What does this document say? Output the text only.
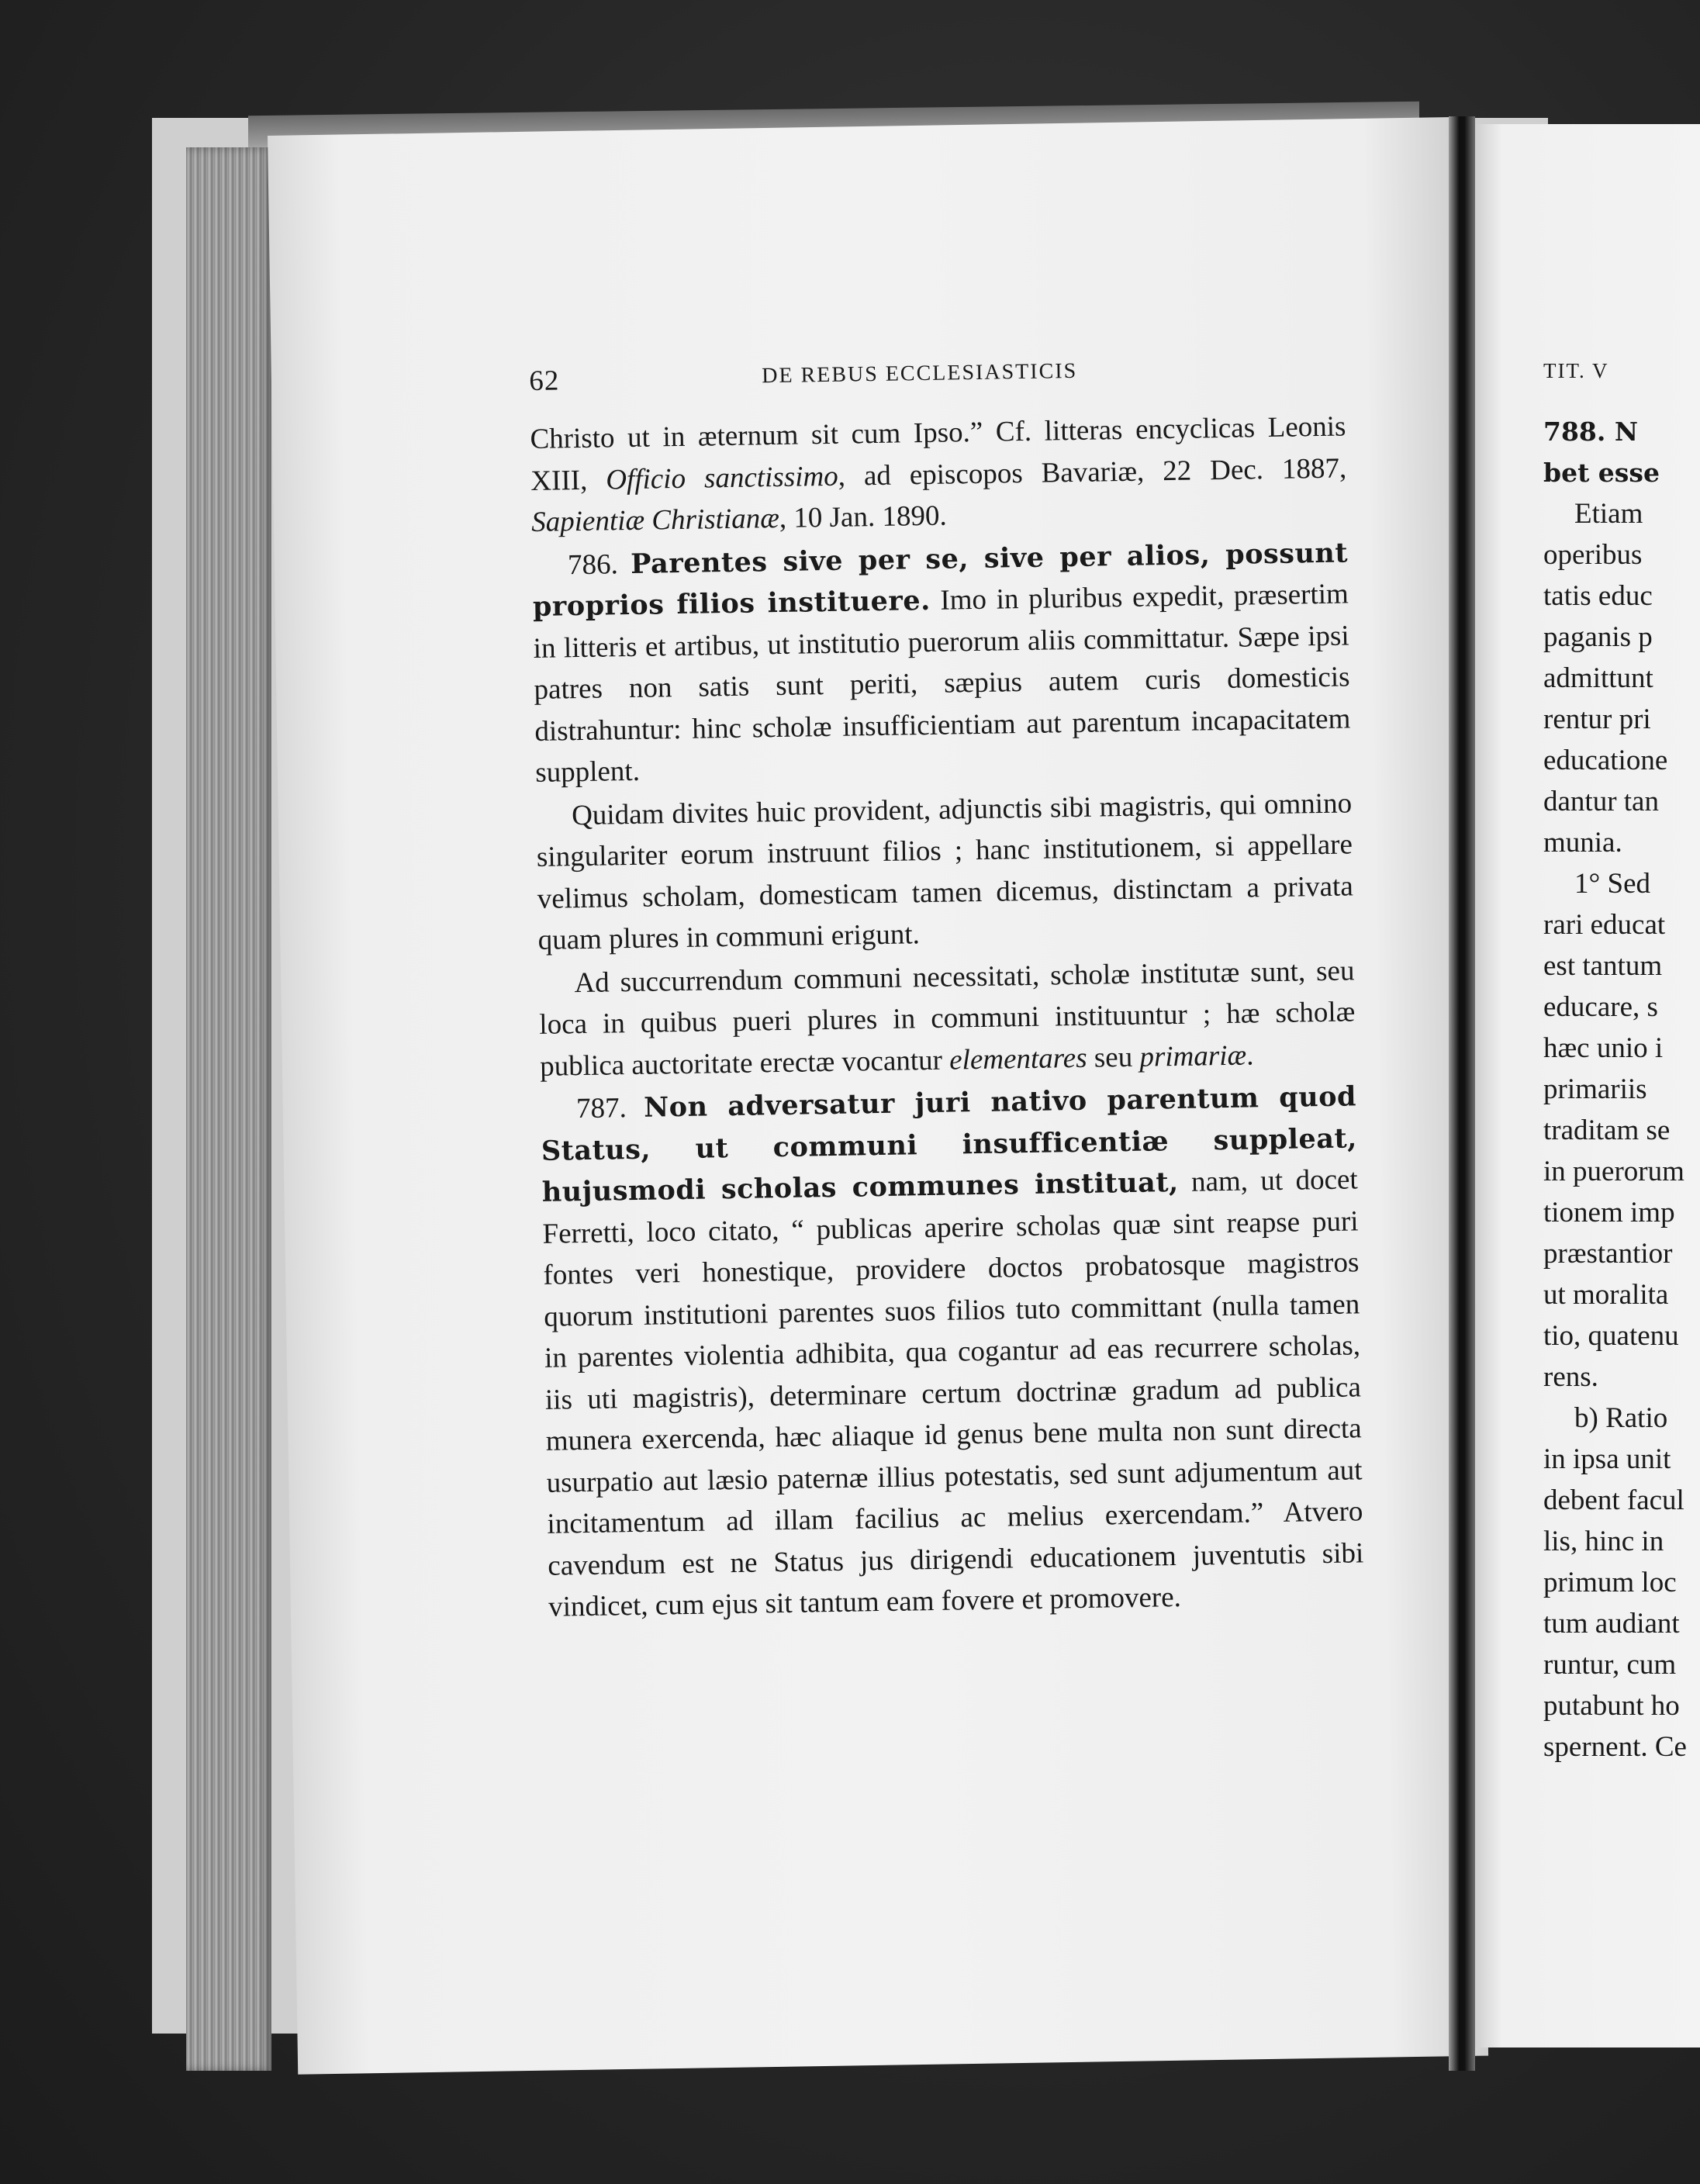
62	DE REBUS ECCLESIASTICIS

Christo ut in æternum sit cum Ipso.” Cf. litteras encyclicas Leonis XIII, Officio sanctissimo, ad episcopos Bavariæ, 22 Dec. 1887, Sapientiæ Christianæ, 10 Jan. 1890.

786. Parentes sive per se, sive per alios, possunt proprios filios instituere. Imo in pluribus expedit, præsertim in litteris et artibus, ut institutio puerorum aliis committatur. Sæpe ipsi patres non satis sunt periti, sæpius autem curis domesticis distrahuntur: hinc scholæ insufficientiam aut parentum incapacitatem supplent.

Quidam divites huic provident, adjunctis sibi magistris, qui omnino singulariter eorum instruunt filios ; hanc institutionem, si appellare velimus scholam, domesticam tamen dicemus, distinctam a privata quam plures in communi erigunt.

Ad succurrendum communi necessitati, scholæ institutæ sunt, seu loca in quibus pueri plures in communi instituuntur ; hæ scholæ publica auctoritate erectæ vocantur elementares seu primariæ.

787. Non adversatur juri nativo parentum quod Status, ut communi insufficentiæ suppleat, hujusmodi scholas communes instituat, nam, ut docet Ferretti, loco citato, “ publicas aperire scholas quæ sint reapse puri fontes veri honestique, providere doctos probatosque magistros quorum institutioni parentes suos filios tuto committant (nulla tamen in parentes violentia adhibita, qua cogantur ad eas recurrere scholas, iis uti magistris), determinare certum doctrinæ gradum ad publica munera exercenda, hæc aliaque id genus bene multa non sunt directa usurpatio aut læsio paternæ illius potestatis, sed sunt adjumentum aut incitamentum ad illam facilius ac melius exercendam.” Atvero cavendum est ne Status jus dirigendi educationem juventutis sibi vindicet, cum ejus sit tantum eam fovere et promovere.

TIT. V
788. N
bet esse
Etiam
operibus
tatis educ
paganis p
admittunt
rentur pri
educatione
dantur tan
munia.
1° Sed
rari educat
est tantum
educare, s
hæc unio i
primariis
traditam se
in puerorum
tionem imp
præstantior
ut moralita
tio, quatenu
rens.
b) Ratio
in ipsa unit
debent facul
lis, hinc in
primum loc
tum audiant
runtur, cum
putabunt ho
spernent. Ce
